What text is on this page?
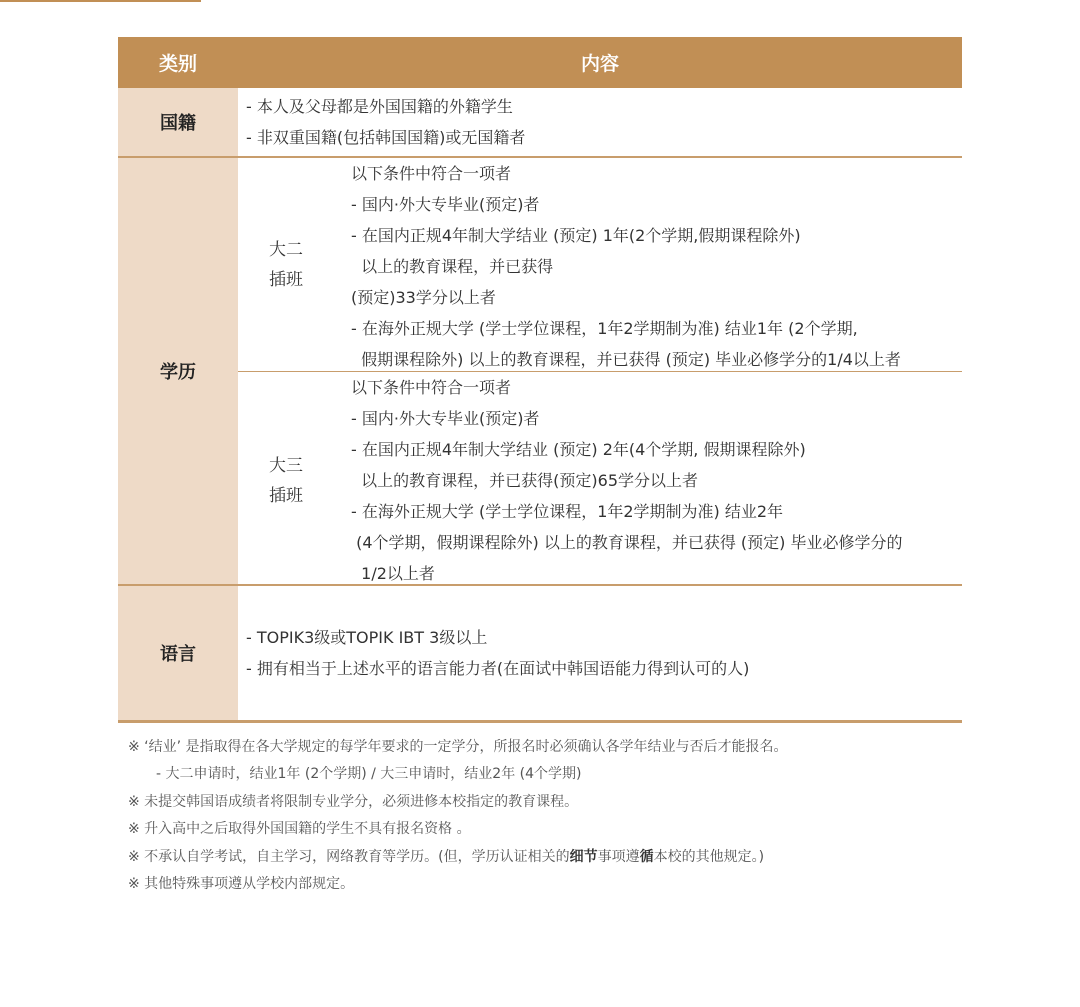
类别	内容
国籍
- 本人及父母都是外国国籍的外籍学生
- 非双重国籍(包括韩国国籍)或无国籍者
学历
大二
插班
以下条件中符合一项者
- 国内·外大专毕业(预定)者
- 在国内正规4年制大学结业 (预定) 1年(2个学期,假期课程除外)
以上的教育课程，并已获得
(预定)33学分以上者
- 在海外正规大学 (学士学位课程，1年2学期制为准) 结业1年 (2个学期,
假期课程除外) 以上的教育课程，并已获得 (预定) 毕业必修学分的1/4以上者
大三
插班
以下条件中符合一项者
- 国内·外大专毕业(预定)者
- 在国内正规4年制大学结业 (预定) 2年(4个学期, 假期课程除外)
以上的教育课程，并已获得(预定)65学分以上者
- 在海外正规大学 (学士学位课程，1年2学期制为准) 结业2年
(4个学期，假期课程除外) 以上的教育课程，并已获得 (预定) 毕业必修学分的
1/2以上者
语言
- TOPIK3级或TOPIK IBT 3级以上
- 拥有相当于上述水平的语言能力者(在面试中韩国语能力得到认可的人)
※ ‘结业’ 是指取得在各大学规定的每学年要求的一定学分，所报名时必须确认各学年结业与否后才能报名。
- 大二申请时，结业1年 (2个学期) / 大三申请时，结业2年 (4个学期)
※ 未提交韩国语成绩者将限制专业学分，必须进修本校指定的教育课程。
※ 升入高中之后取得外国国籍的学生不具有报名资格 。
※ 不承认自学考试，自主学习，网络教育等学历。(但，学历认证相关的细节事项遵循本校的其他规定。)
※ 其他特殊事项遵从学校内部规定。
